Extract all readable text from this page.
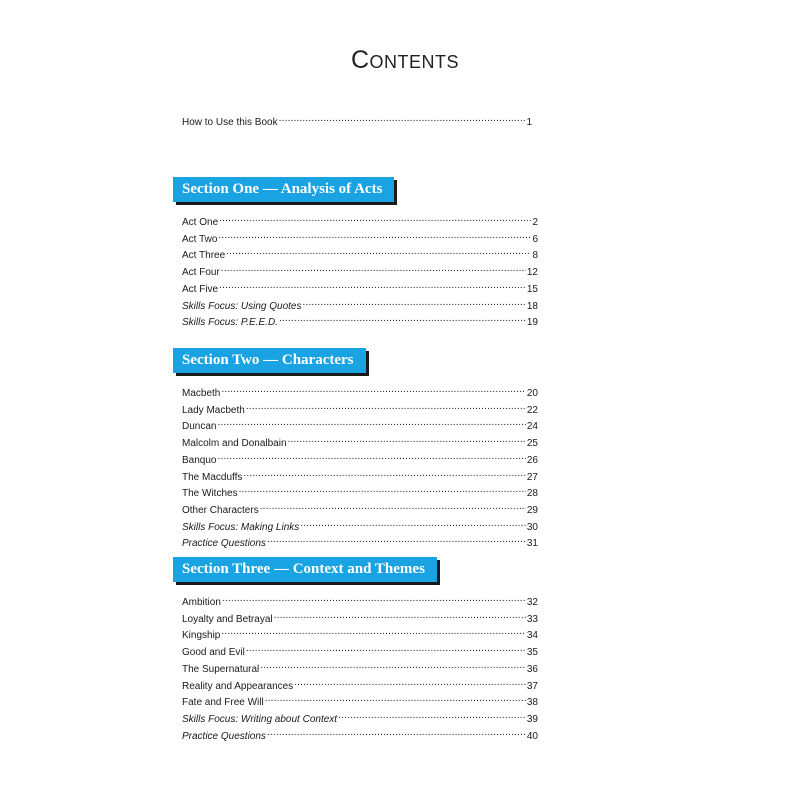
Contents
How to Use this Book .....	1
Section One — Analysis of Acts
Act One .....	2
Act Two .....	6
Act Three .....	8
Act Four .....	12
Act Five .....	15
Skills Focus: Using Quotes .....	18
Skills Focus: P.E.E.D. .....	19
Section Two — Characters
Macbeth .....	20
Lady Macbeth .....	22
Duncan .....	24
Malcolm and Donalbain .....	25
Banquo .....	26
The Macduffs .....	27
The Witches .....	28
Other Characters .....	29
Skills Focus: Making Links .....	30
Practice Questions .....	31
Section Three — Context and Themes
Ambition .....	32
Loyalty and Betrayal .....	33
Kingship .....	34
Good and Evil .....	35
The Supernatural .....	36
Reality and Appearances .....	37
Fate and Free Will .....	38
Skills Focus: Writing about Context .....	39
Practice Questions .....	40
